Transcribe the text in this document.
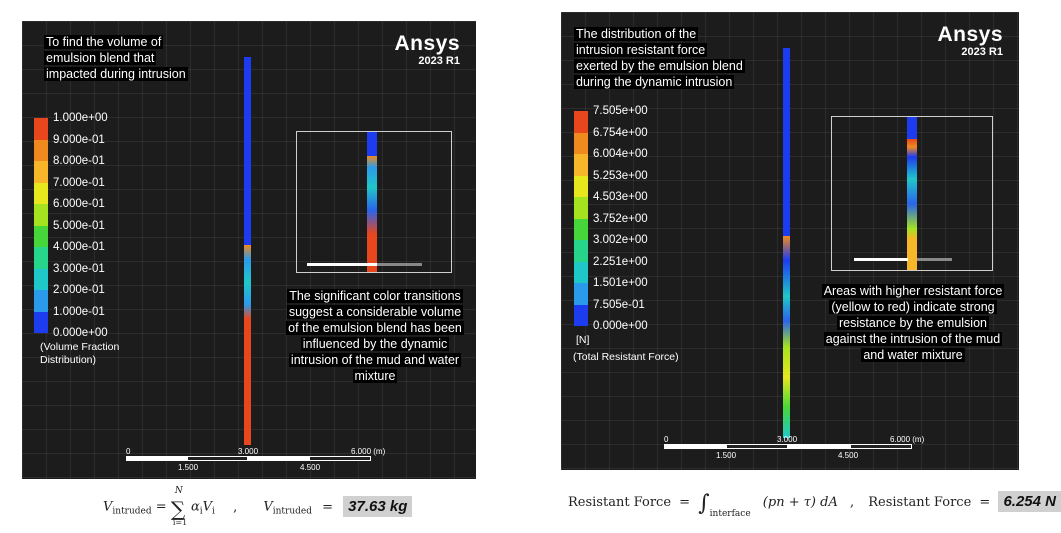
Ansys
2023 R1
To find the volume of
emulsion blend that
impacted during intrusion
1.000e+00
9.000e-01
8.000e-01
7.000e-01
6.000e-01
5.000e-01
4.000e-01
3.000e-01
2.000e-01
1.000e-01
0.000e+00
(Volume Fraction
Distribution)
The significant color transitions
suggest a considerable volume
of the emulsion blend has been
influenced by the dynamic
intrusion of the mud and water
mixture
0	3.000	6.000 (m)
1.500	4.500
$V_{intruded}$ =
N
∑
i=1
$\alpha_iV_i$ , $V_{intruded} = 37.63$ kg
Ansys
2023 R1
The distribution of the
intrusion resistant force
exerted by the emulsion blend
during the dynamic intrusion
7.505e+00
6.754e+00
6.004e+00
5.253e+00
4.503e+00
3.752e+00
3.002e+00
2.251e+00
1.501e+00
7.505e-01
0.000e+00
[N]
(Total Resistant Force)
Areas with higher resistant force
(yellow to red) indicate strong
resistance by the emulsion
against the intrusion of the mud
and water mixture
0	3.000	6.000 (m)
1.500	4.500
Resistant Force = $\int_{interface}$ (pn + τ) dA , Resistant Force = 6.254 N
